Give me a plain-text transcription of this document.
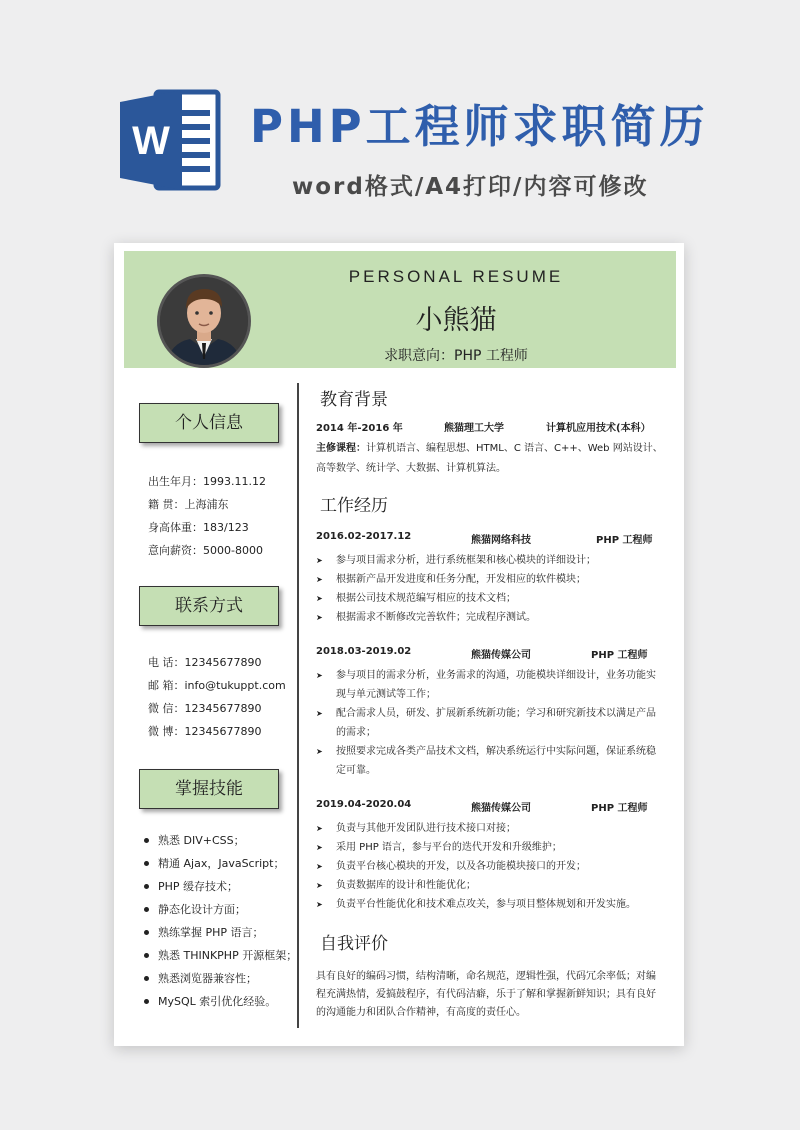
W PHP工程师求职简历
word格式/A4打印/内容可修改
PERSONAL RESUME
小熊猫
求职意向：PHP 工程师
个人信息
出生年月：1993.11.12
籍 贯：上海浦东
身高体重：183/123
意向薪资：5000-8000
联系方式
电 话：12345677890
邮 箱：info@tukuppt.com
微 信：12345677890
微 博：12345677890
掌握技能
熟悉 DIV+CSS；
精通 Ajax，JavaScript；
PHP 缓存技术；
静态化设计方面；
熟练掌握 PHP 语言；
熟悉 THINKPHP 开源框架；
熟悉浏览器兼容性；
MySQL 索引优化经验。
教育背景
2014 年-2016 年	熊猫理工大学	计算机应用技术(本科）
主修课程：计算机语言、编程思想、HTML、C 语言、C++、Web 网站设计、
高等数学、统计学、大数据、计算机算法。
工作经历
2016.02-2017.12	熊猫网络科技	PHP 工程师
➤ 参与项目需求分析，进行系统框架和核心模块的详细设计；
➤ 根据新产品开发进度和任务分配，开发相应的软件模块；
➤ 根据公司技术规范编写相应的技术文档；
➤ 根据需求不断修改完善软件；完成程序测试。
2018.03-2019.02	熊猫传媒公司	PHP 工程师
➤ 参与项目的需求分析，业务需求的沟通，功能模块详细设计，业务功能实
现与单元测试等工作；
➤ 配合需求人员，研发、扩展新系统新功能；学习和研究新技术以满足产品
的需求；
➤ 按照要求完成各类产品技术文档，解决系统运行中实际问题，保证系统稳
定可靠。
2019.04-2020.04	熊猫传媒公司	PHP 工程师
➤ 负责与其他开发团队进行技术接口对接；
➤ 采用 PHP 语言，参与平台的迭代开发和升级维护；
➤ 负责平台核心模块的开发，以及各功能模块接口的开发；
➤ 负责数据库的设计和性能优化；
➤ 负责平台性能优化和技术难点攻关，参与项目整体规划和开发实施。
自我评价
具有良好的编码习惯，结构清晰，命名规范，逻辑性强，代码冗余率低；对编
程充满热情，爱搞鼓程序，有代码洁癖，乐于了解和掌握新鲜知识；具有良好
的沟通能力和团队合作精神，有高度的责任心。
